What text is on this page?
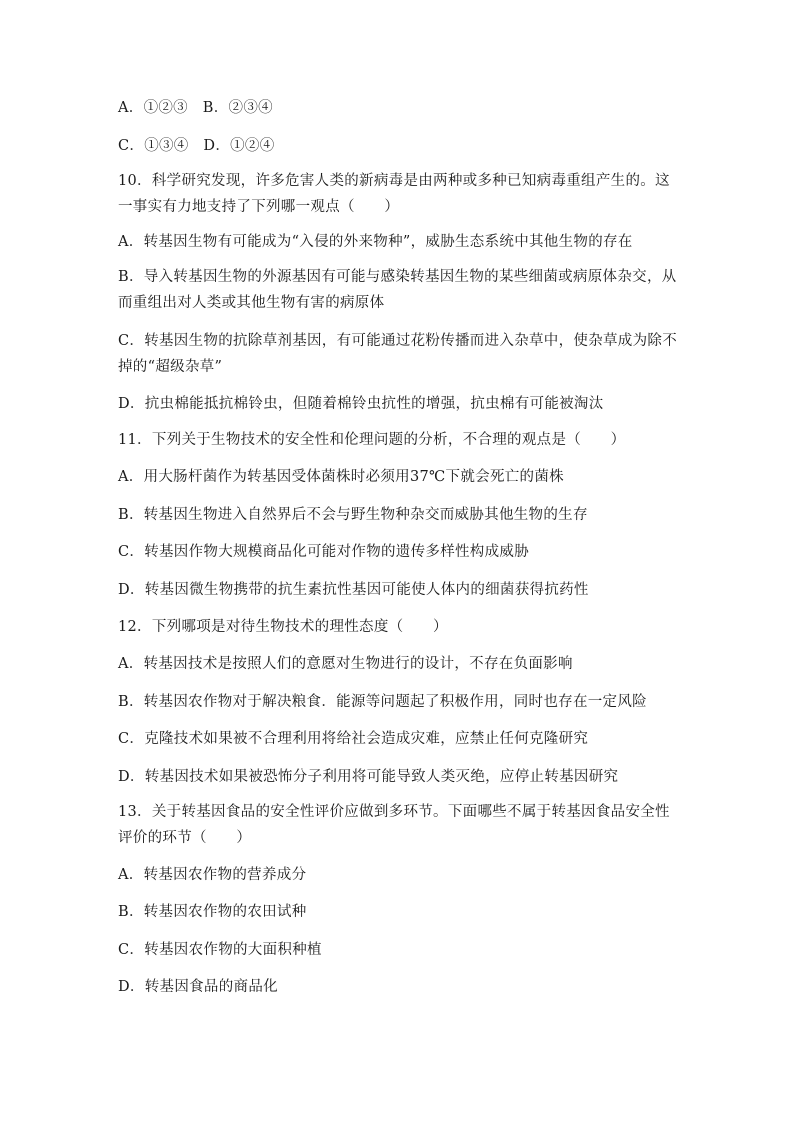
A．①②③　B．②③④
C．①③④　D．①②④
10．科学研究发现，许多危害人类的新病毒是由两种或多种已知病毒重组产生的。这一事实有力地支持了下列哪一观点（　　）
A．转基因生物有可能成为“入侵的外来物种”，威胁生态系统中其他生物的存在
B．导入转基因生物的外源基因有可能与感染转基因生物的某些细菌或病原体杂交，从而重组出对人类或其他生物有害的病原体
C．转基因生物的抗除草剂基因，有可能通过花粉传播而进入杂草中，使杂草成为除不掉的“超级杂草”
D．抗虫棉能抵抗棉铃虫，但随着棉铃虫抗性的增强，抗虫棉有可能被淘汰
11．下列关于生物技术的安全性和伦理问题的分析，不合理的观点是（　　）
A．用大肠杆菌作为转基因受体菌株时必须用37℃下就会死亡的菌株
B．转基因生物进入自然界后不会与野生物种杂交而威胁其他生物的生存
C．转基因作物大规模商品化可能对作物的遗传多样性构成威胁
D．转基因微生物携带的抗生素抗性基因可能使人体内的细菌获得抗药性
12．下列哪项是对待生物技术的理性态度（　　）
A．转基因技术是按照人们的意愿对生物进行的设计，不存在负面影响
B．转基因农作物对于解决粮食．能源等问题起了积极作用，同时也存在一定风险
C．克隆技术如果被不合理利用将给社会造成灾难，应禁止任何克隆研究
D．转基因技术如果被恐怖分子利用将可能导致人类灭绝，应停止转基因研究
13．关于转基因食品的安全性评价应做到多环节。下面哪些不属于转基因食品安全性评价的环节（　　）
A．转基因农作物的营养成分
B．转基因农作物的农田试种
C．转基因农作物的大面积种植
D．转基因食品的商品化
